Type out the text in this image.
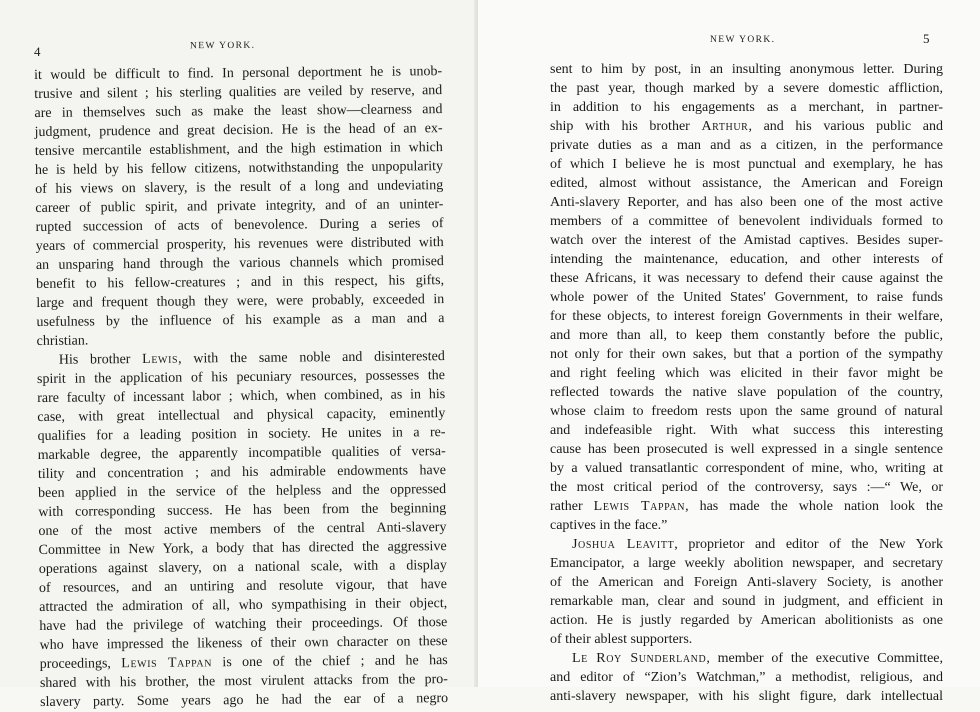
4	NEW YORK.
it would be difficult to find. In personal deportment he is unob-
trusive and silent ; his sterling qualities are veiled by reserve, and
are in themselves such as make the least show—clearness and
judgment, prudence and great decision. He is the head of an ex-
tensive mercantile establishment, and the high estimation in which
he is held by his fellow citizens, notwithstanding the unpopularity
of his views on slavery, is the result of a long and undeviating
career of public spirit, and private integrity, and of an uninter-
rupted succession of acts of benevolence. During a series of
years of commercial prosperity, his revenues were distributed with
an unsparing hand through the various channels which promised
benefit to his fellow-creatures ; and in this respect, his gifts,
large and frequent though they were, were probably, exceeded in
usefulness by the influence of his example as a man and a
christian.
His brother Lewis, with the same noble and disinterested
spirit in the application of his pecuniary resources, possesses the
rare faculty of incessant labor ; which, when combined, as in his
case, with great intellectual and physical capacity, eminently
qualifies for a leading position in society. He unites in a re-
markable degree, the apparently incompatible qualities of versa-
tility and concentration ; and his admirable endowments have
been applied in the service of the helpless and the oppressed
with corresponding success. He has been from the beginning
one of the most active members of the central Anti-slavery
Committee in New York, a body that has directed the aggressive
operations against slavery, on a national scale, with a display
of resources, and an untiring and resolute vigour, that have
attracted the admiration of all, who sympathising in their object,
have had the privilege of watching their proceedings. Of those
who have impressed the likeness of their own character on these
proceedings, Lewis Tappan is one of the chief ; and he has
shared with his brother, the most virulent attacks from the pro-
slavery party. Some years ago he had the ear of a negro
NEW YORK.	5
sent to him by post, in an insulting anonymous letter. During
the past year, though marked by a severe domestic affliction,
in addition to his engagements as a merchant, in partner-
ship with his brother Arthur, and his various public and
private duties as a man and as a citizen, in the performance
of which I believe he is most punctual and exemplary, he has
edited, almost without assistance, the American and Foreign
Anti-slavery Reporter, and has also been one of the most active
members of a committee of benevolent individuals formed to
watch over the interest of the Amistad captives. Besides super-
intending the maintenance, education, and other interests of
these Africans, it was necessary to defend their cause against the
whole power of the United States' Government, to raise funds
for these objects, to interest foreign Governments in their welfare,
and more than all, to keep them constantly before the public,
not only for their own sakes, but that a portion of the sympathy
and right feeling which was elicited in their favor might be
reflected towards the native slave population of the country,
whose claim to freedom rests upon the same ground of natural
and indefeasible right. With what success this interesting
cause has been prosecuted is well expressed in a single sentence
by a valued transatlantic correspondent of mine, who, writing at
the most critical period of the controversy, says :—“ We, or
rather Lewis Tappan, has made the whole nation look the
captives in the face.”
Joshua Leavitt, proprietor and editor of the New York
Emancipator, a large weekly abolition newspaper, and secretary
of the American and Foreign Anti-slavery Society, is another
remarkable man, clear and sound in judgment, and efficient in
action. He is justly regarded by American abolitionists as one
of their ablest supporters.
Le Roy Sunderland, member of the executive Committee,
and editor of “Zion’s Watchman,” a methodist, religious, and
anti-slavery newspaper, with his slight figure, dark intellectual
